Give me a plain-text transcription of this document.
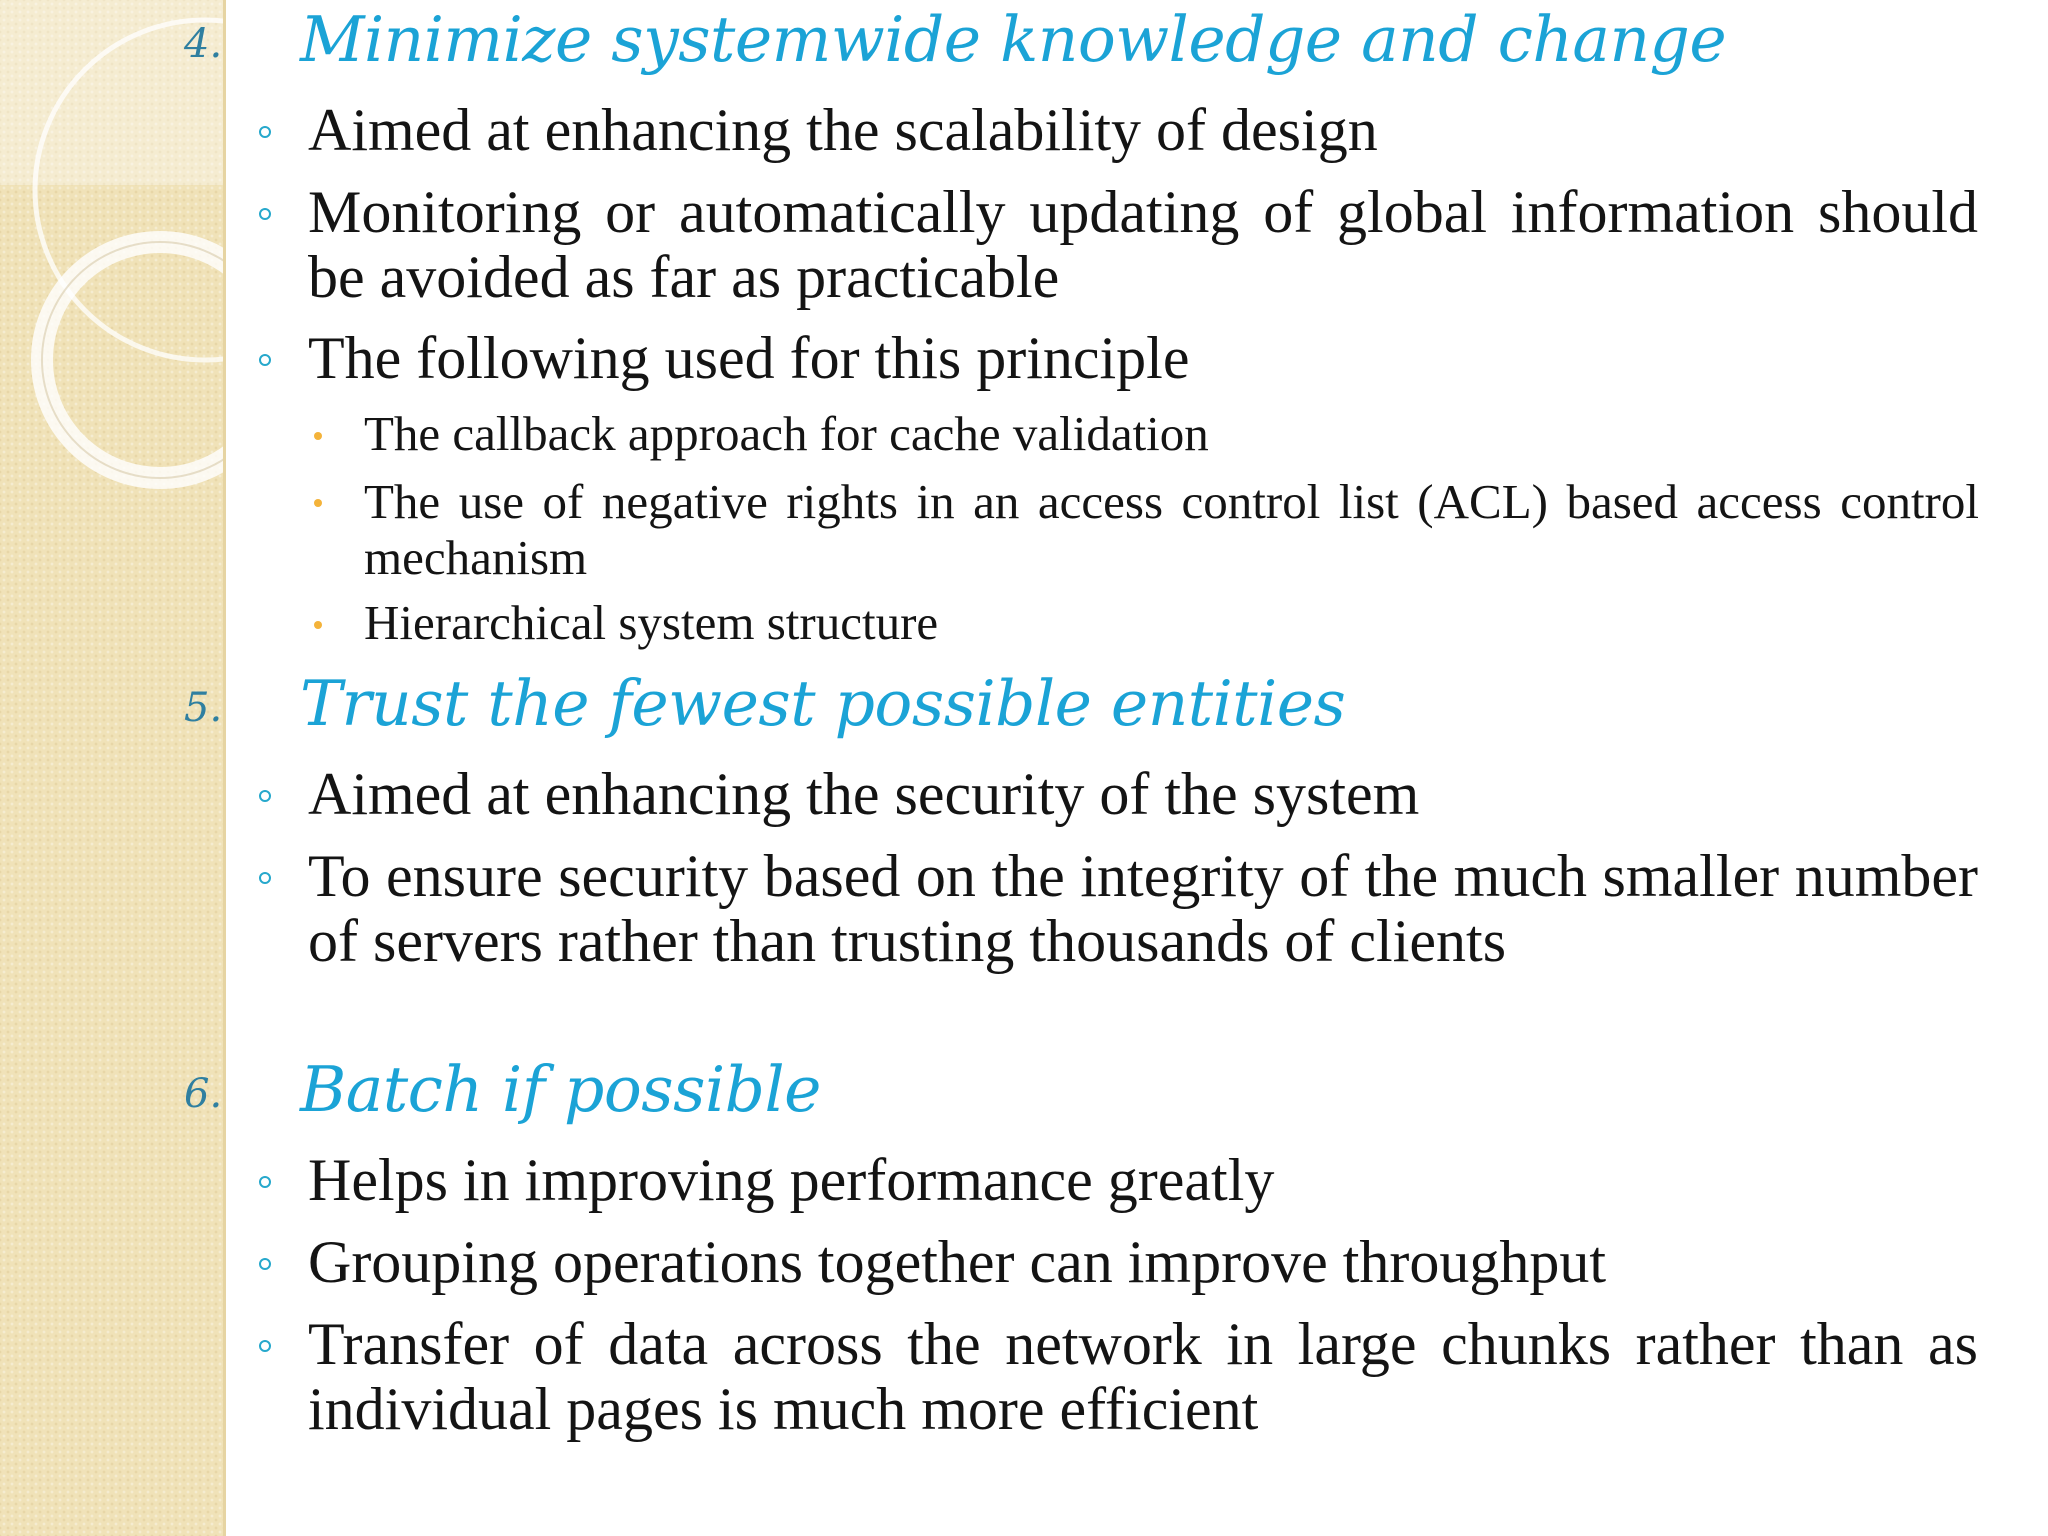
4. Minimize systemwide knowledge and change
Aimed at enhancing the scalability of design
Monitoring or automatically updating of global information should be avoided as far as practicable
The following used for this principle
The callback approach for cache validation
The use of negative rights in an access control list (ACL) based access control mechanism
Hierarchical system structure
5. Trust the fewest possible entities
Aimed at enhancing the security of the system
To ensure security based on the integrity of the much smaller number of servers rather than trusting thousands of clients
6. Batch if possible
Helps in improving performance greatly
Grouping operations together can improve throughput
Transfer of data across the network in large chunks rather than as individual pages is much more efficient
